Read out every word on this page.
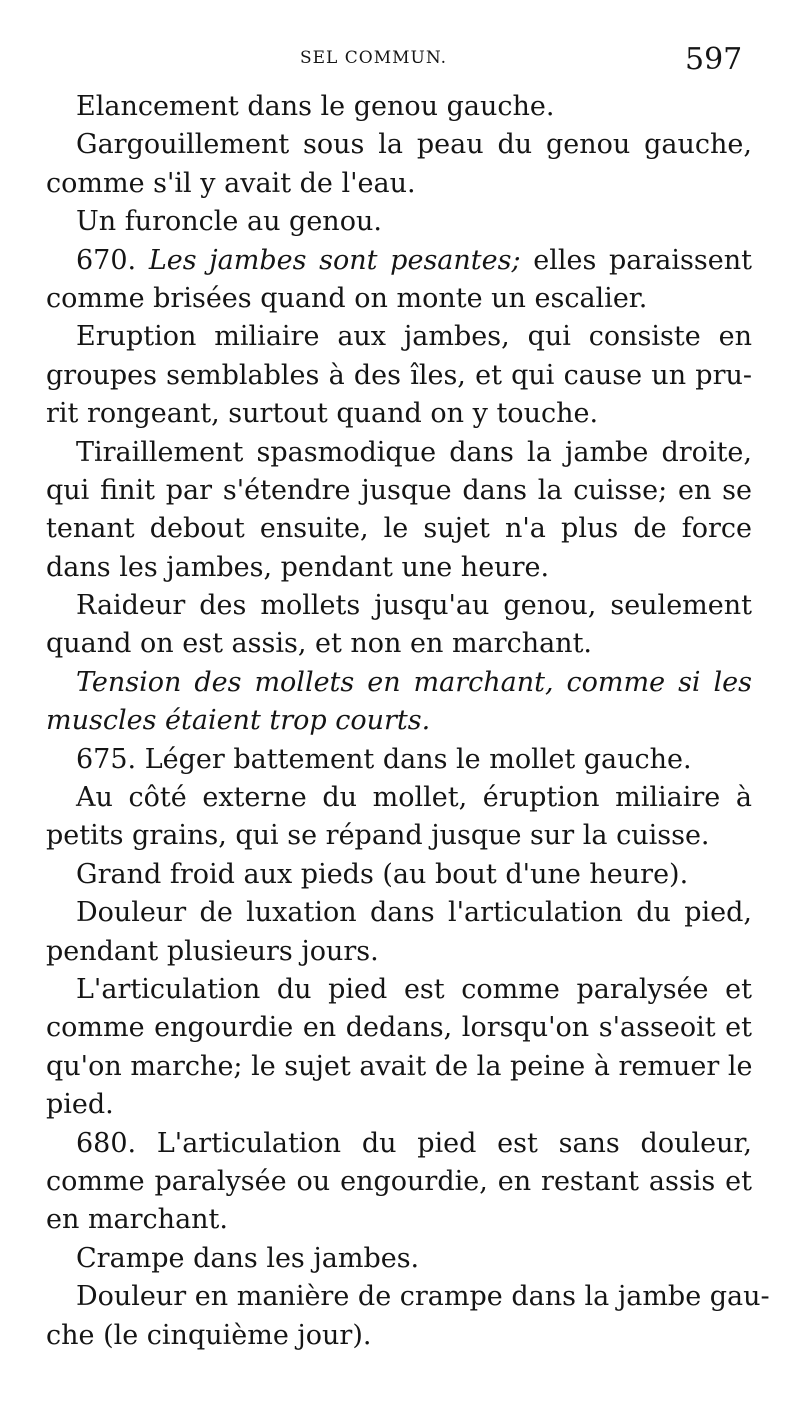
SEL COMMUN.	597
Elancement dans le genou gauche.
Gargouillement sous la peau du genou gauche,
comme s'il y avait de l'eau.
Un furoncle au genou.
670. Les jambes sont pesantes; elles paraissent
comme brisées quand on monte un escalier.
Eruption miliaire aux jambes, qui consiste en
groupes semblables à des îles, et qui cause un pru-
rit rongeant, surtout quand on y touche.
Tiraillement spasmodique dans la jambe droite,
qui finit par s'étendre jusque dans la cuisse; en se
tenant debout ensuite, le sujet n'a plus de force
dans les jambes, pendant une heure.
Raideur des mollets jusqu'au genou, seulement
quand on est assis, et non en marchant.
Tension des mollets en marchant, comme si les
muscles étaient trop courts.
675. Léger battement dans le mollet gauche.
Au côté externe du mollet, éruption miliaire à
petits grains, qui se répand jusque sur la cuisse.
Grand froid aux pieds (au bout d'une heure).
Douleur de luxation dans l'articulation du pied,
pendant plusieurs jours.
L'articulation du pied est comme paralysée et
comme engourdie en dedans, lorsqu'on s'asseoit et
qu'on marche; le sujet avait de la peine à remuer le
pied.
680. L'articulation du pied est sans douleur,
comme paralysée ou engourdie, en restant assis et
en marchant.
Crampe dans les jambes.
Douleur en manière de crampe dans la jambe gau-
che (le cinquième jour).
